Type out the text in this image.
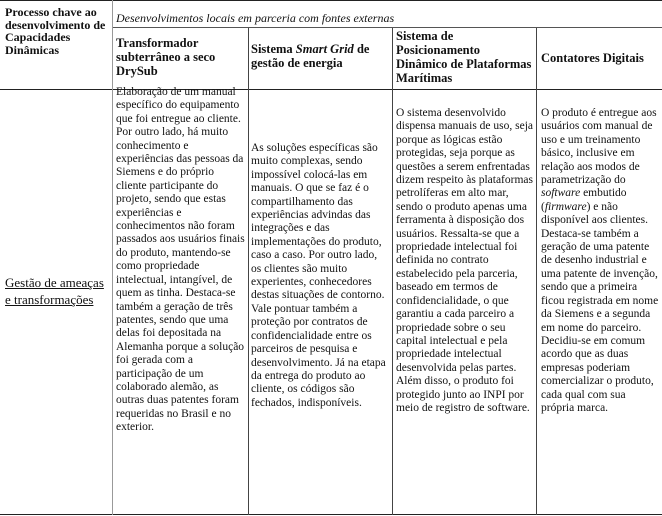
Processo chave ao desenvolvimento de Capacidades Dinâmicas
Desenvolvimentos locais em parceria com fontes externas
Transformador subterrâneo a seco DrySub
Sistema Smart Grid de gestão de energia
Sistema de Posicionamento Dinâmico de Plataformas Marítimas
Contatores Digitais
Gestão de ameaças e transformações
Elaboração de um manual específico do equipamento que foi entregue ao cliente. Por outro lado, há muito conhecimento e experiências das pessoas da Siemens e do próprio cliente participante do projeto, sendo que estas experiências e conhecimentos não foram passados aos usuários finais do produto, mantendo-se como propriedade intelectual, intangível, de quem as tinha. Destaca-se também a geração de três patentes, sendo que uma delas foi depositada na Alemanha porque a solução foi gerada com a participação de um colaborado alemão, as outras duas patentes foram requeridas no Brasil e no exterior.
As soluções específicas são muito complexas, sendo impossível colocá-las em manuais. O que se faz é o compartilhamento das experiências advindas das integrações e das implementações do produto, caso a caso. Por outro lado, os clientes são muito experientes, conhecedores destas situações de contorno. Vale pontuar também a proteção por contratos de confidencialidade entre os parceiros de pesquisa e desenvolvimento. Já na etapa da entrega do produto ao cliente, os códigos são fechados, indisponíveis.
O sistema desenvolvido dispensa manuais de uso, seja porque as lógicas estão protegidas, seja porque as questões a serem enfrentadas dizem respeito às plataformas petrolíferas em alto mar, sendo o produto apenas uma ferramenta à disposição dos usuários. Ressalta-se que a propriedade intelectual foi definida no contrato estabelecido pela parceria, baseado em termos de confidencialidade, o que garantiu a cada parceiro a propriedade sobre o seu capital intelectual e pela propriedade intelectual desenvolvida pelas partes. Além disso, o produto foi protegido junto ao INPI por meio de registro de software.
O produto é entregue aos usuários com manual de uso e um treinamento básico, inclusive em relação aos modos de parametrização do software embutido (firmware) e não disponível aos clientes. Destaca-se também a geração de uma patente de desenho industrial e uma patente de invenção, sendo que a primeira ficou registrada em nome da Siemens e a segunda em nome do parceiro. Decidiu-se em comum acordo que as duas empresas poderiam comercializar o produto, cada qual com sua própria marca.
